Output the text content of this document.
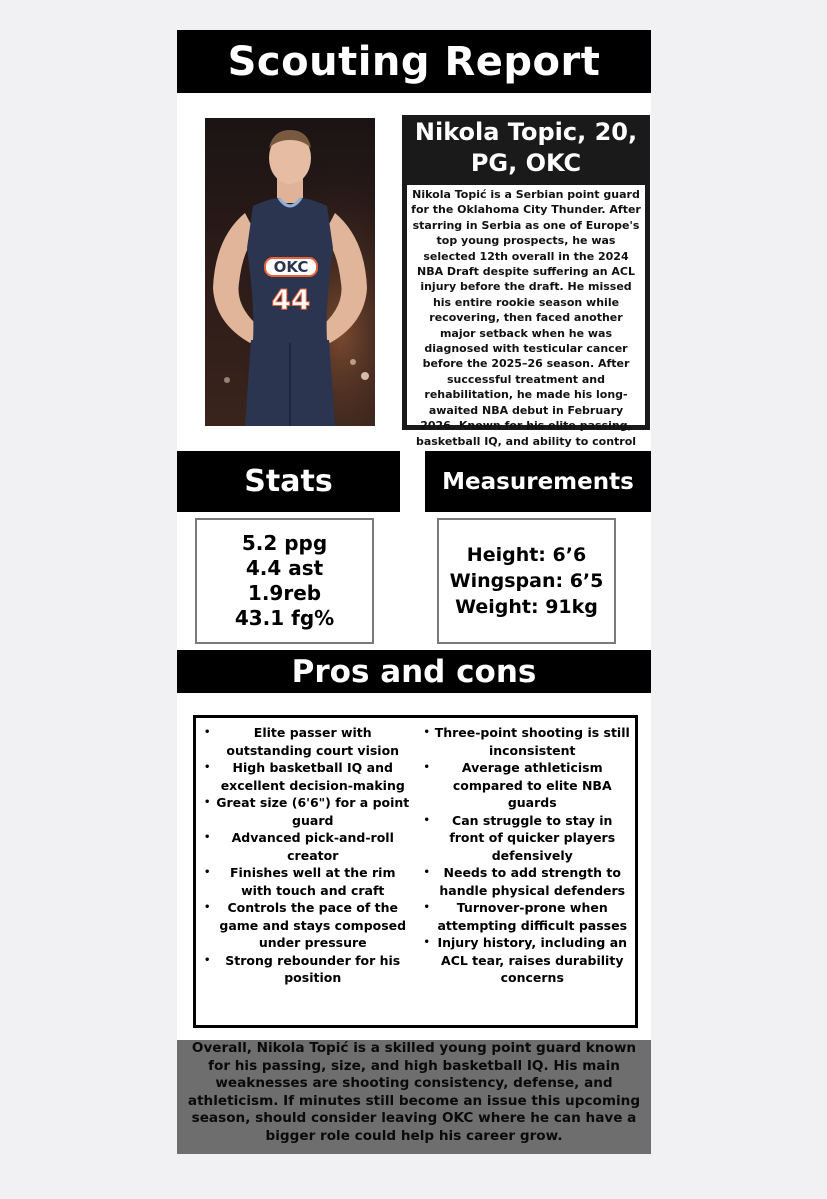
Scouting Report
OKC
44
Nikola Topic, 20, PG, OKC
Nikola Topić is a Serbian point guard for the Oklahoma City Thunder. After starring in Serbia as one of Europe's top young prospects, he was selected 12th overall in the 2024 NBA Draft despite suffering an ACL injury before the draft. He missed his entire rookie season while recovering, then faced another major setback when he was diagnosed with testicular cancer before the 2025–26 season. After successful treatment and rehabilitation, he made his long-awaited NBA debut in February 2026. Known for his elite passing, basketball IQ, and ability to control
Stats	Measurements
5.2 ppg
4.4 ast
1.9reb
43.1 fg%
Height: 6’6
Wingspan: 6’5
Weight: 91kg
Pros and cons
• Elite passer with outstanding court vision
• High basketball IQ and excellent decision-making
• Great size (6'6") for a point guard
• Advanced pick-and-roll creator
• Finishes well at the rim with touch and craft
• Controls the pace of the game and stays composed under pressure
• Strong rebounder for his position
• Three-point shooting is still inconsistent
• Average athleticism compared to elite NBA guards
• Can struggle to stay in front of quicker players defensively
• Needs to add strength to handle physical defenders
• Turnover-prone when attempting difficult passes
• Injury history, including an ACL tear, raises durability concerns
Overall, Nikola Topić is a skilled young point guard known for his passing, size, and high basketball IQ. His main weaknesses are shooting consistency, defense, and athleticism. If minutes still become an issue this upcoming season, should consider leaving OKC where he can have a bigger role could help his career grow.
